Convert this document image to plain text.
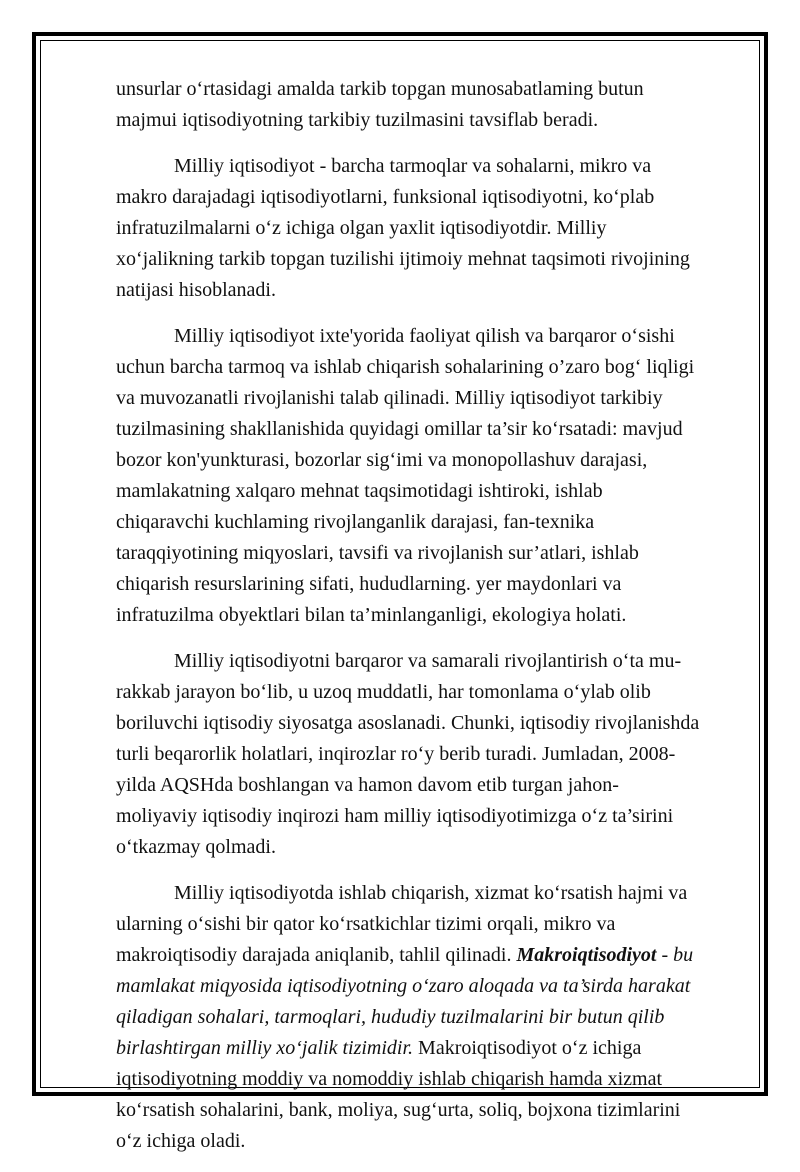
unsurlar o‘rtasidagi amalda tarkib topgan munosabatlaming butun
majmui iqtisodiyotning tarkibiy tuzilmasini tavsiflab beradi.

Milliy iqtisodiyot - barcha tarmoqlar va sohalarni, mikro va
makro darajadagi iqtisodiyotlarni, funksional iqtisodiyotni, ko‘plab
infratuzilmalarni o‘z ichiga olgan yaxlit iqtisodiyotdir. Milliy
xo‘jalikning tarkib topgan tuzilishi ijtimoiy mehnat taqsimoti rivojining
natijasi hisoblanadi.

Milliy iqtisodiyot ixte'yorida faoliyat qilish va barqaror o‘sishi
uchun barcha tarmoq va ishlab chiqarish sohalarining o’zaro bog‘ liqligi
va muvozanatli rivojlanishi talab qilinadi. Milliy iqtisodiyot tarkibiy
tuzilmasining shakllanishida quyidagi omillar ta’sir ko‘rsatadi: mavjud
bozor kon'yunkturasi, bozorlar sig‘imi va monopollashuv darajasi,
mamlakatning xalqaro mehnat taqsimotidagi ishtiroki, ishlab
chiqaravchi kuchlaming rivojlanganlik darajasi, fan-texnika
taraqqiyotining miqyoslari, tavsifi va rivojlanish sur’atlari, ishlab
chiqarish resurslarining sifati, hududlarning. yer maydonlari va
infratuzilma obyektlari bilan ta’minlanganligi, ekologiya holati.

Milliy iqtisodiyotni barqaror va samarali rivojlantirish o‘ta mu-
rakkab jarayon bo‘lib, u uzoq muddatli, har tomonlama o‘ylab olib
boriluvchi iqtisodiy siyosatga asoslanadi. Chunki, iqtisodiy rivojlanishda
turli beqarorlik holatlari, inqirozlar ro‘y berib turadi. Jumladan, 2008-
yilda AQSHda boshlangan va hamon davom etib turgan jahon-
moliyaviy iqtisodiy inqirozi ham milliy iqtisodiyotimizga o‘z ta’sirini
o‘tkazmay qolmadi.

Milliy iqtisodiyotda ishlab chiqarish, xizmat ko‘rsatish hajmi va
ularning o‘sishi bir qator ko‘rsatkichlar tizimi orqali, mikro va
makroiqtisodiy darajada aniqlanib, tahlil qilinadi. Makroiqtisodiyot - bu
mamlakat miqyosida iqtisodiyotning o‘zaro aloqada va ta’sirda harakat
qiladigan sohalari, tarmoqlari, hududiy tuzilmalarini bir butun qilib
birlashtirgan milliy xo‘jalik tizimidir. Makroiqtisodiyot o‘z ichiga
iqtisodiyotning moddiy va nomoddiy ishlab chiqarish hamda xizmat
ko‘rsatish sohalarini, bank, moliya, sug‘urta, soliq, bojxona tizimlarini
o‘z ichiga oladi.
